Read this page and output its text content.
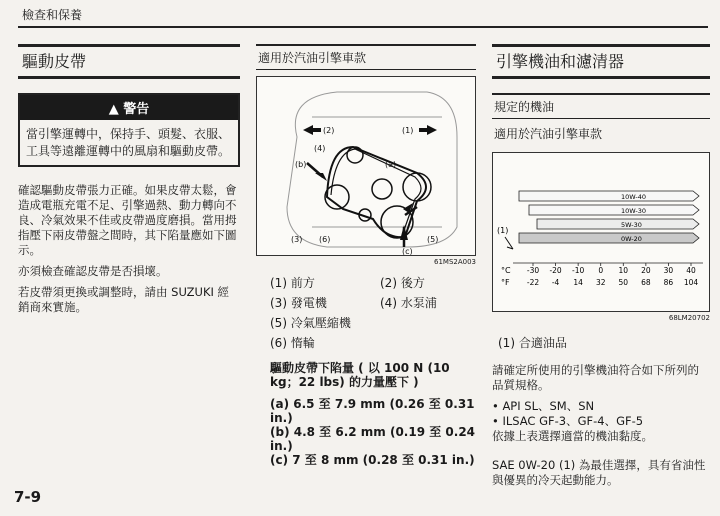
檢查和保養
驅動皮帶
▲ 警告
當引擎運轉中，保持手、頭髮、衣服、工具等遠離運轉中的風扇和驅動皮帶。

確認驅動皮帶張力正確。如果皮帶太鬆，會造成電瓶充電不足、引擎過熱、動力轉向不良、冷氣效果不佳或皮帶過度磨損。當用拇指壓下兩皮帶盤之間時，其下陷量應如下圖示。

亦須檢查確認皮帶是否損壞。

若皮帶須更換或調整時，請由 SUZUKI 經銷商來實施。

適用於汽油引擎車款
(2)	(1)
(4)
(b)	(a)
(3) (6)	(5)
(c)
61MS2A003
(1) 前方	(2) 後方
(3) 發電機	(4) 水泵浦
(5) 冷氣壓縮機
(6) 惰輪
驅動皮帶下陷量 ( 以 100 N (10 kg；22 lbs) 的力量壓下 )
(a) 6.5 至 7.9 mm (0.26 至 0.31 in.)
(b) 4.8 至 6.2 mm (0.19 至 0.24 in.)
(c) 7 至 8 mm (0.28 至 0.31 in.)
引擎機油和濾清器
規定的機油
適用於汽油引擎車款
(1)
°C
°F
10W-40
10W-30
5W-30
0W-20
-30
-22
-20
-4
-10
14
0
32
10
50
20
68
30
86
40
104
68LM20702
(1) 合適油品

請確定所使用的引擎機油符合如下所列的品質規格。

• API SL、SM、SN

• ILSAC GF-3、GF-4、GF-5

依據上表選擇適當的機油黏度。

SAE 0W-20 (1) 為最佳選擇，具有省油性與優異的冷天起動能力。

7-9
